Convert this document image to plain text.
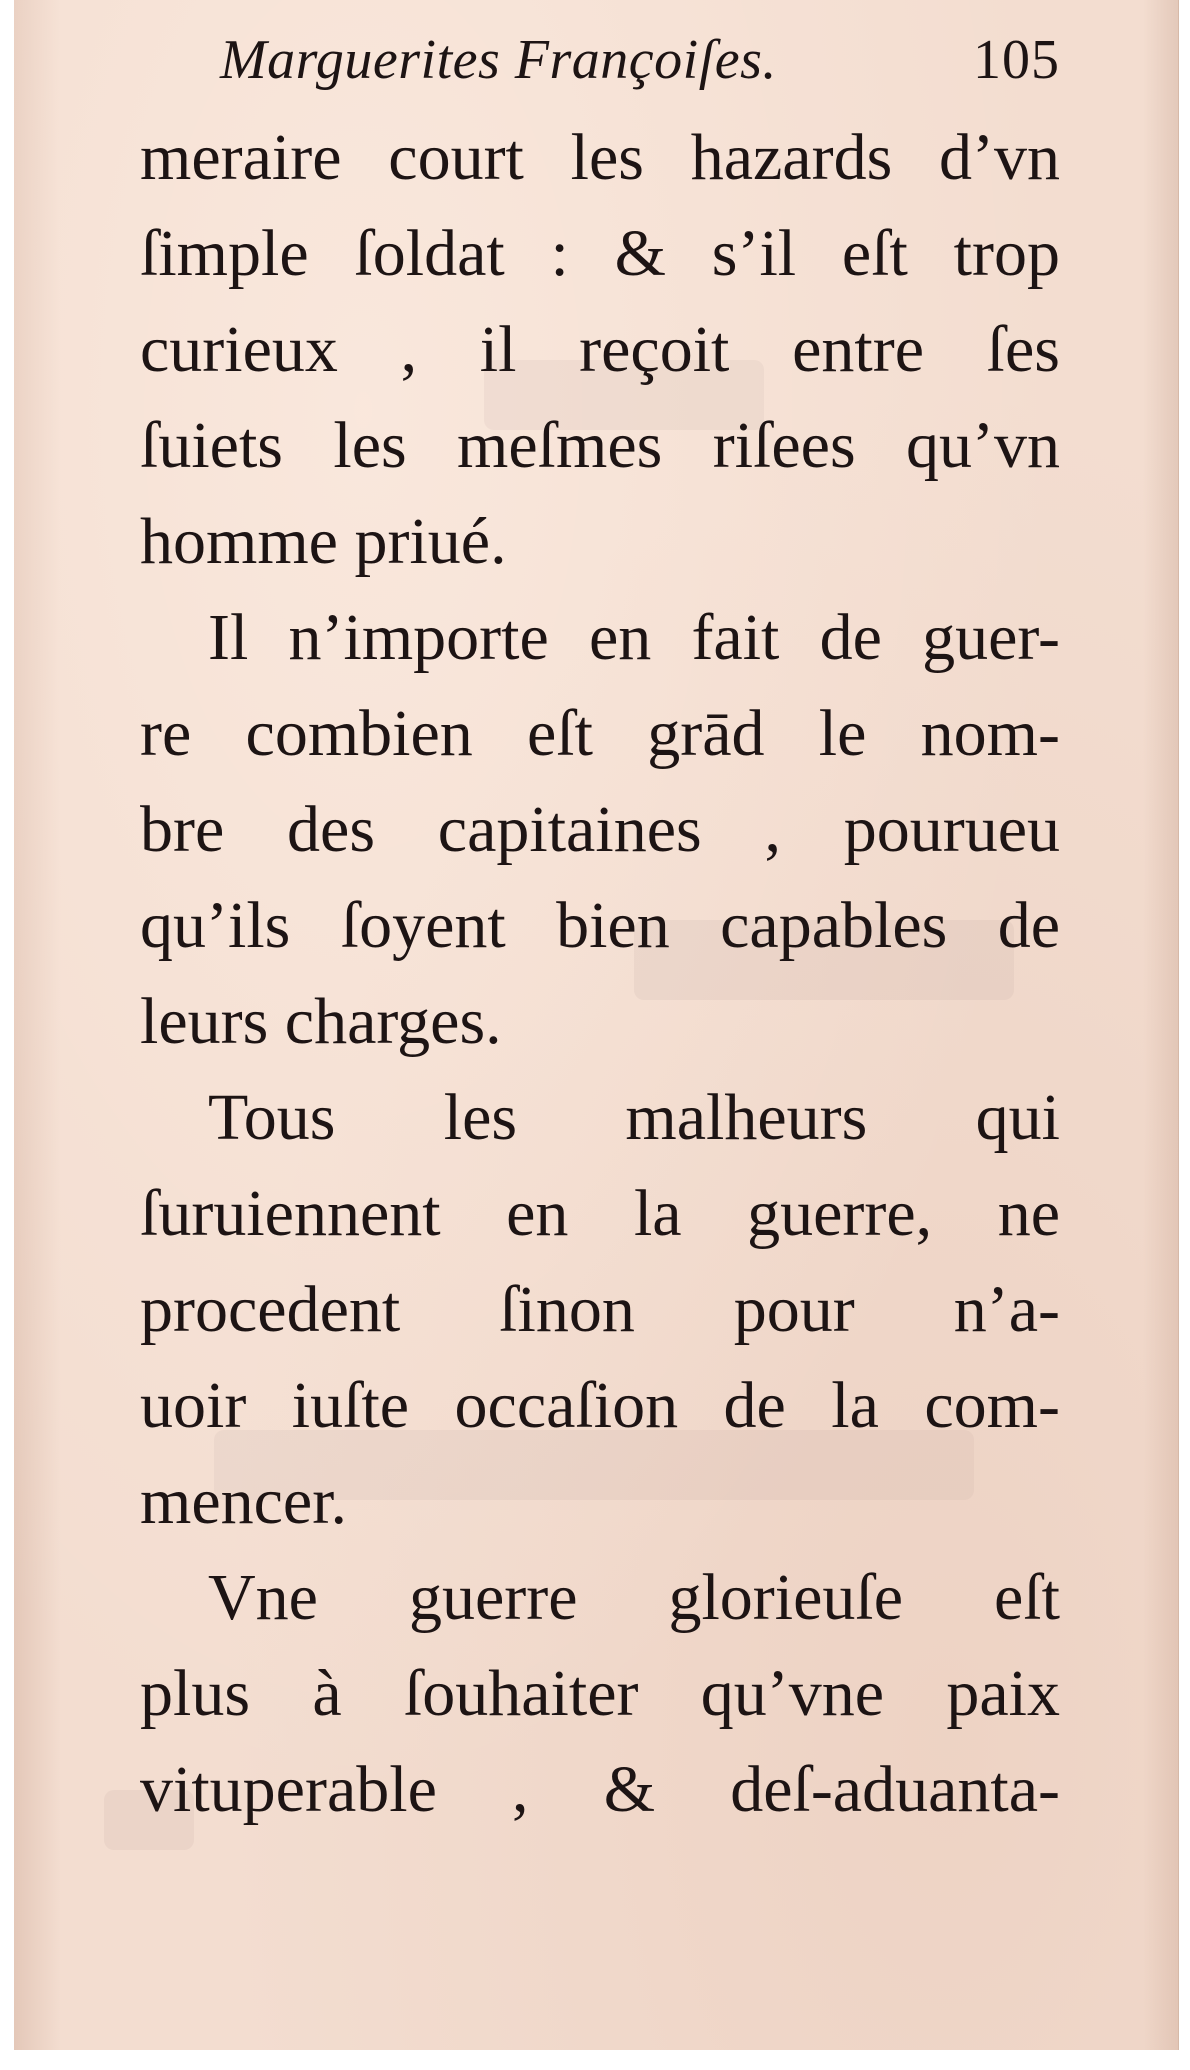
Marguerites Françoiſes.	105
meraire court les hazards d’vn
ſimple ſoldat : & s’il eſt trop
curieux , il reçoit entre ſes
ſuiets les meſmes riſees qu’vn
homme priué.
Il n’importe en fait de guer-
re combien eſt grād le nom-
bre des capitaines , pourueu
qu’ils ſoyent bien capables de
leurs charges.
Tous les malheurs qui
ſuruiennent en la guerre, ne
procedent ſinon pour n’a-
uoir iuſte occaſion de la com-
mencer.
Vne guerre glorieuſe eſt
plus à ſouhaiter qu’vne paix
vituperable , & deſ-aduanta-
